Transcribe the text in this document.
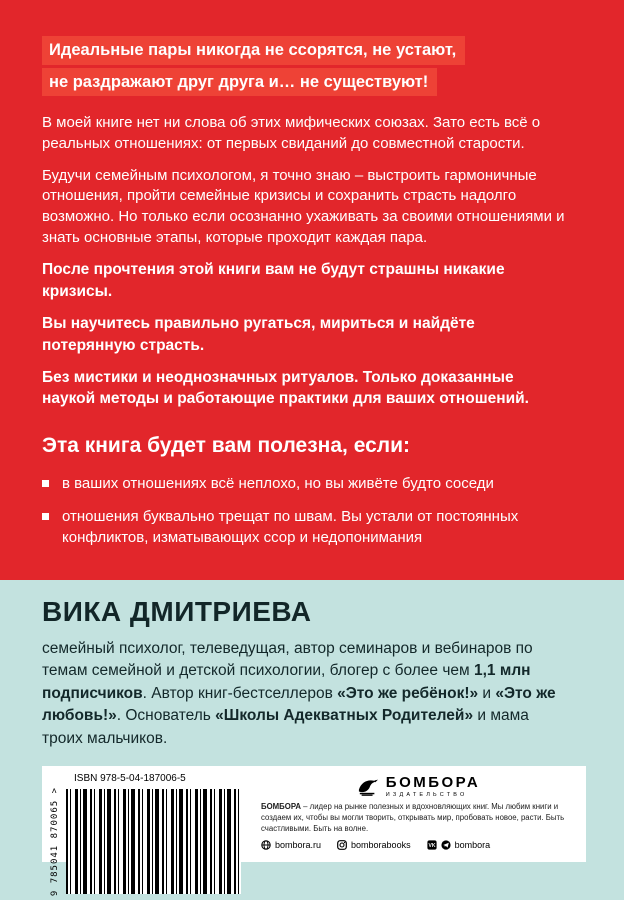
Идеальные пары никогда не ссорятся, не устают,
не раздражают друг друга и… не существуют!

В моей книге нет ни слова об этих мифических союзах. Зато есть всё о реальных отношениях: от первых свиданий до совместной старости.

Будучи семейным психологом, я точно знаю – выстроить гармоничные отношения, пройти семейные кризисы и сохранить страсть надолго возможно. Но только если осознанно ухаживать за своими отношениями и знать основные этапы, которые проходит каждая пара.

После прочтения этой книги вам не будут страшны никакие кризисы.

Вы научитесь правильно ругаться, мириться и найдёте потерянную страсть.

Без мистики и неоднозначных ритуалов. Только доказанные наукой методы и работающие практики для ваших отношений.

Эта книга будет вам полезна, если:
в ваших отношениях всё неплохо, но вы живёте будто соседи
отношения буквально трещат по швам. Вы устали от постоянных конфликтов, изматывающих ссор и недопонимания
ВИКА ДМИТРИЕВА

семейный психолог, телеведущая, автор семинаров и вебинаров по темам семейной и детской психологии, блогер с более чем 1,1 млн подписчиков. Автор книг-бестселлеров «Это же ребёнок!» и «Это же любовь!». Основатель «Школы Адекватных Родителей» и мама троих мальчиков.

ISBN 978-5-04-187006-5
9 785041 870065 >
БОМБОРА
ИЗДАТЕЛЬСТВО

БОМБОРА – лидер на рынке полезных и вдохновляющих книг. Мы любим книги и создаем их, чтобы вы могли творить, открывать мир, пробовать новое, расти. Быть счастливыми. Быть на волне.

bombora.ru	bomborabooks	VK bombora
